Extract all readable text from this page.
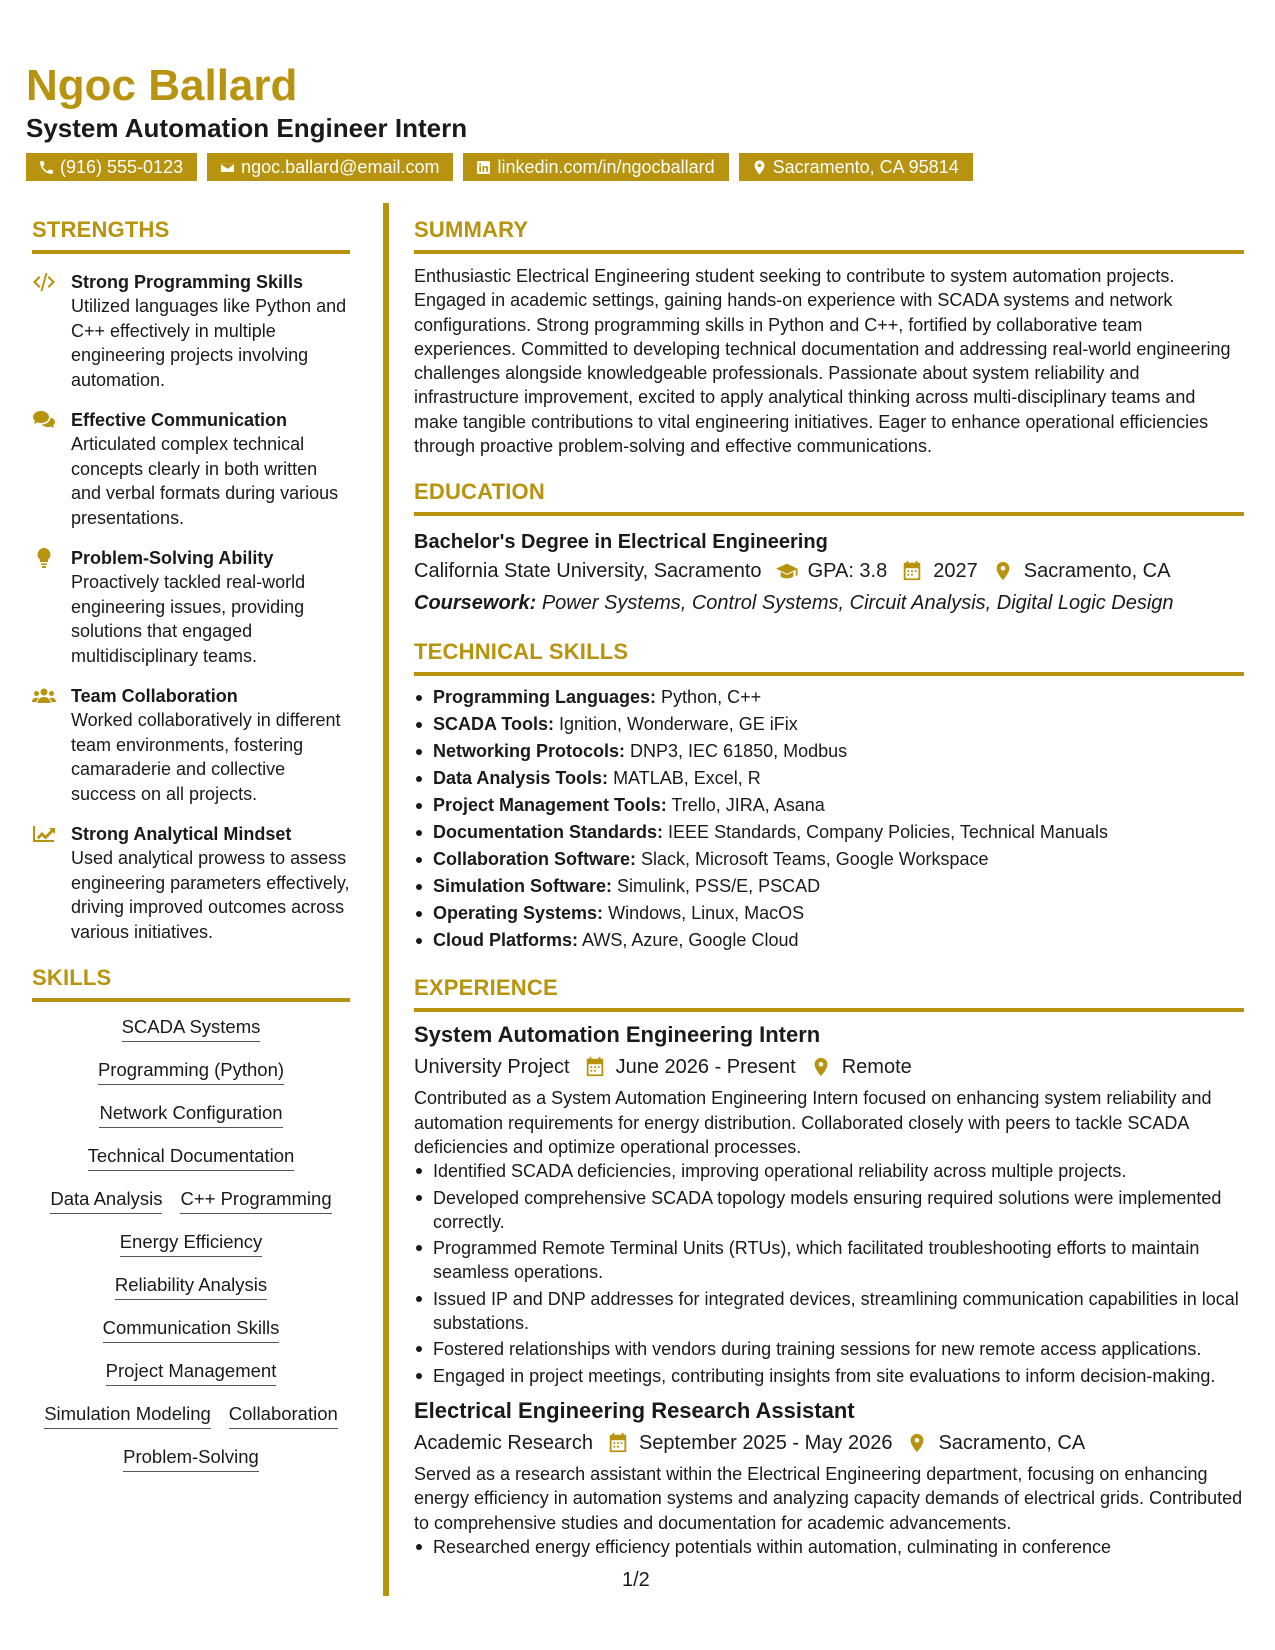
Ngoc Ballard
System Automation Engineer Intern
(916) 555-0123	ngoc.ballard@email.com	linkedin.com/in/ngocballard	Sacramento, CA 95814
STRENGTHS
Strong Programming Skills

Utilized languages like Python and C++ effectively in multiple engineering projects involving automation.

Effective Communication

Articulated complex technical concepts clearly in both written and verbal formats during various presentations.

Problem-Solving Ability

Proactively tackled real-world engineering issues, providing solutions that engaged multidisciplinary teams.

Team Collaboration

Worked collaboratively in different team environments, fostering camaraderie and collective success on all projects.

Strong Analytical Mindset

Used analytical prowess to assess engineering parameters effectively, driving improved outcomes across various initiatives.

SKILLS
SCADA Systems
Programming (Python)
Network Configuration
Technical Documentation
Data Analysis C++ Programming
Energy Efficiency
Reliability Analysis
Communication Skills
Project Management
Simulation Modeling Collaboration
Problem-Solving
SUMMARY

Enthusiastic Electrical Engineering student seeking to contribute to system automation projects. Engaged in academic settings, gaining hands-on experience with SCADA systems and network configurations. Strong programming skills in Python and C++, fortified by collaborative team experiences. Committed to developing technical documentation and addressing real-world engineering challenges alongside knowledgeable professionals. Passionate about system reliability and infrastructure improvement, excited to apply analytical thinking across multi-disciplinary teams and make tangible contributions to vital engineering initiatives. Eager to enhance operational efficiencies through proactive problem-solving and effective communications.

EDUCATION

Bachelor's Degree in Electrical Engineering

California State University, Sacramento GPA: 3.8 2027 Sacramento, CA

Coursework: Power Systems, Control Systems, Circuit Analysis, Digital Logic Design

TECHNICAL SKILLS
Programming Languages: Python, C++
SCADA Tools: Ignition, Wonderware, GE iFix
Networking Protocols: DNP3, IEC 61850, Modbus
Data Analysis Tools: MATLAB, Excel, R
Project Management Tools: Trello, JIRA, Asana
Documentation Standards: IEEE Standards, Company Policies, Technical Manuals
Collaboration Software: Slack, Microsoft Teams, Google Workspace
Simulation Software: Simulink, PSS/E, PSCAD
Operating Systems: Windows, Linux, MacOS
Cloud Platforms: AWS, Azure, Google Cloud
EXPERIENCE

System Automation Engineering Intern

University Project June 2026 - Present Remote

Contributed as a System Automation Engineering Intern focused on enhancing system reliability and automation requirements for energy distribution. Collaborated closely with peers to tackle SCADA deficiencies and optimize operational processes.

Identified SCADA deficiencies, improving operational reliability across multiple projects.
Developed comprehensive SCADA topology models ensuring required solutions were implemented correctly.
Programmed Remote Terminal Units (RTUs), which facilitated troubleshooting efforts to maintain seamless operations.
Issued IP and DNP addresses for integrated devices, streamlining communication capabilities in local substations.
Fostered relationships with vendors during training sessions for new remote access applications.
Engaged in project meetings, contributing insights from site evaluations to inform decision-making.

Electrical Engineering Research Assistant

Academic Research September 2025 - May 2026 Sacramento, CA

Served as a research assistant within the Electrical Engineering department, focusing on enhancing energy efficiency in automation systems and analyzing capacity demands of electrical grids. Contributed to comprehensive studies and documentation for academic advancements.

Researched energy efficiency potentials within automation, culminating in conference
1/2
